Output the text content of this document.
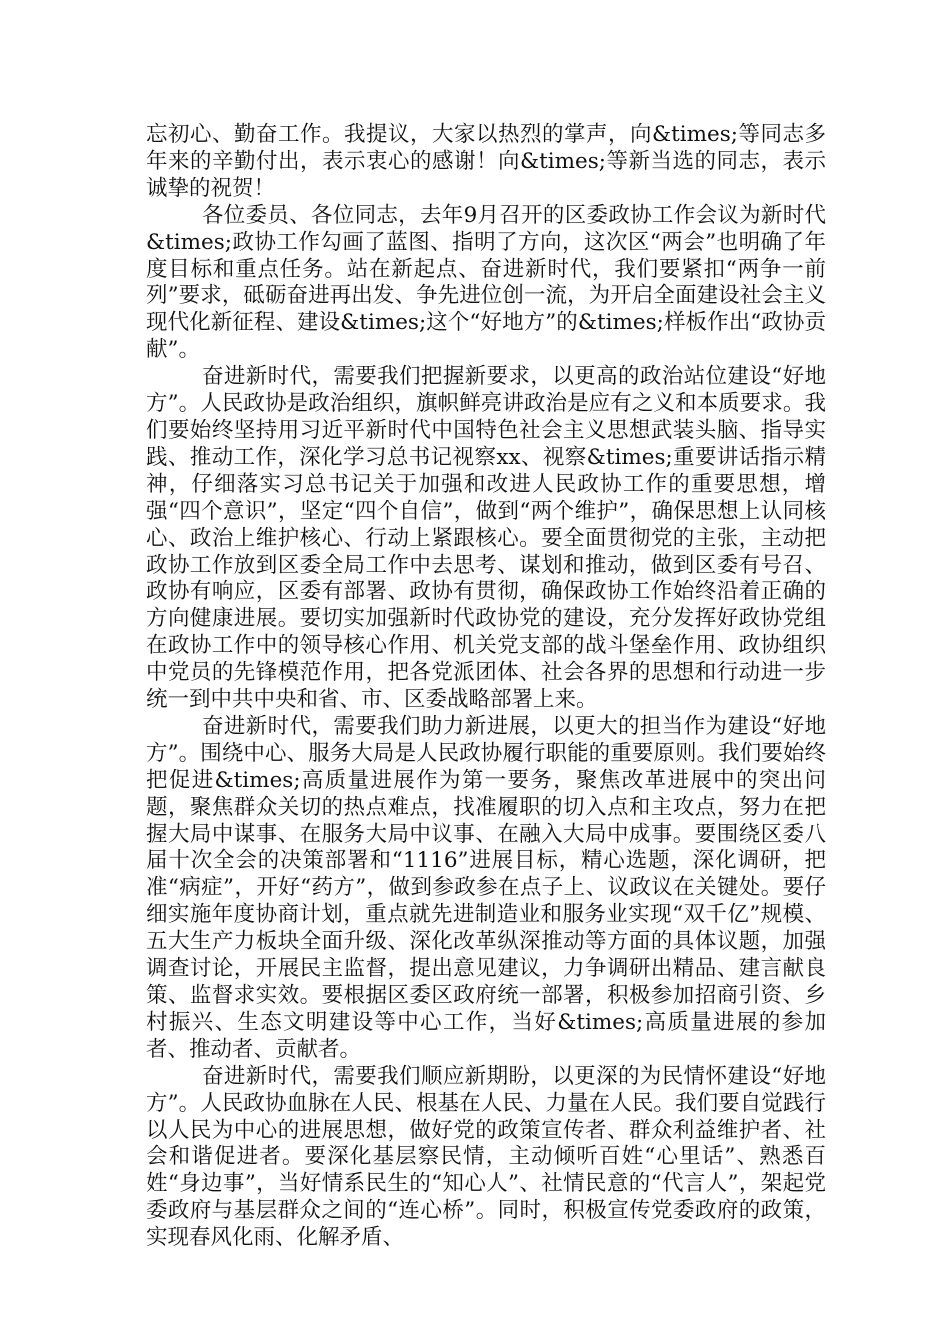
忘初心、勤奋工作。我提议，大家以热烈的掌声，向&times;等同志多年来的辛勤付出，表示衷心的感谢！向&times;等新当选的同志，表示诚挚的祝贺！

各位委员、各位同志，去年9月召开的区委政协工作会议为新时代&times;政协工作勾画了蓝图、指明了方向，这次区“两会”也明确了年度目标和重点任务。站在新起点、奋进新时代，我们要紧扣“两争一前列”要求，砥砺奋进再出发、争先进位创一流，为开启全面建设社会主义现代化新征程、建设&times;这个“好地方”的&times;样板作出“政协贡献”。

奋进新时代，需要我们把握新要求，以更高的政治站位建设“好地方”。人民政协是政治组织，旗帜鲜亮讲政治是应有之义和本质要求。我们要始终坚持用习近平新时代中国特色社会主义思想武装头脑、指导实践、推动工作，深化学习总书记视察xx、视察&times;重要讲话指示精神，仔细落实习总书记关于加强和改进人民政协工作的重要思想，增强“四个意识”，坚定“四个自信”，做到“两个维护”，确保思想上认同核心、政治上维护核心、行动上紧跟核心。要全面贯彻党的主张，主动把政协工作放到区委全局工作中去思考、谋划和推动，做到区委有号召、政协有响应，区委有部署、政协有贯彻，确保政协工作始终沿着正确的方向健康进展。要切实加强新时代政协党的建设，充分发挥好政协党组在政协工作中的领导核心作用、机关党支部的战斗堡垒作用、政协组织中党员的先锋模范作用，把各党派团体、社会各界的思想和行动进一步统一到中共中央和省、市、区委战略部署上来。

奋进新时代，需要我们助力新进展，以更大的担当作为建设“好地方”。围绕中心、服务大局是人民政协履行职能的重要原则。我们要始终把促进&times;高质量进展作为第一要务，聚焦改革进展中的突出问题，聚焦群众关切的热点难点，找准履职的切入点和主攻点，努力在把握大局中谋事、在服务大局中议事、在融入大局中成事。要围绕区委八届十次全会的决策部署和“1116”进展目标，精心选题，深化调研，把准“病症”，开好“药方”，做到参政参在点子上、议政议在关键处。要仔细实施年度协商计划，重点就先进制造业和服务业实现“双千亿”规模、五大生产力板块全面升级、深化改革纵深推动等方面的具体议题，加强调查讨论，开展民主监督，提出意见建议，力争调研出精品、建言献良策、监督求实效。要根据区委区政府统一部署，积极参加招商引资、乡村振兴、生态文明建设等中心工作，当好&times;高质量进展的参加者、推动者、贡献者。

奋进新时代，需要我们顺应新期盼，以更深的为民情怀建设“好地方”。人民政协血脉在人民、根基在人民、力量在人民。我们要自觉践行以人民为中心的进展思想，做好党的政策宣传者、群众利益维护者、社会和谐促进者。要深化基层察民情，主动倾听百姓“心里话”、熟悉百姓“身边事”，当好情系民生的“知心人”、社情民意的“代言人”，架起党委政府与基层群众之间的“连心桥”。同时，积极宣传党委政府的政策，实现春风化雨、化解矛盾、
